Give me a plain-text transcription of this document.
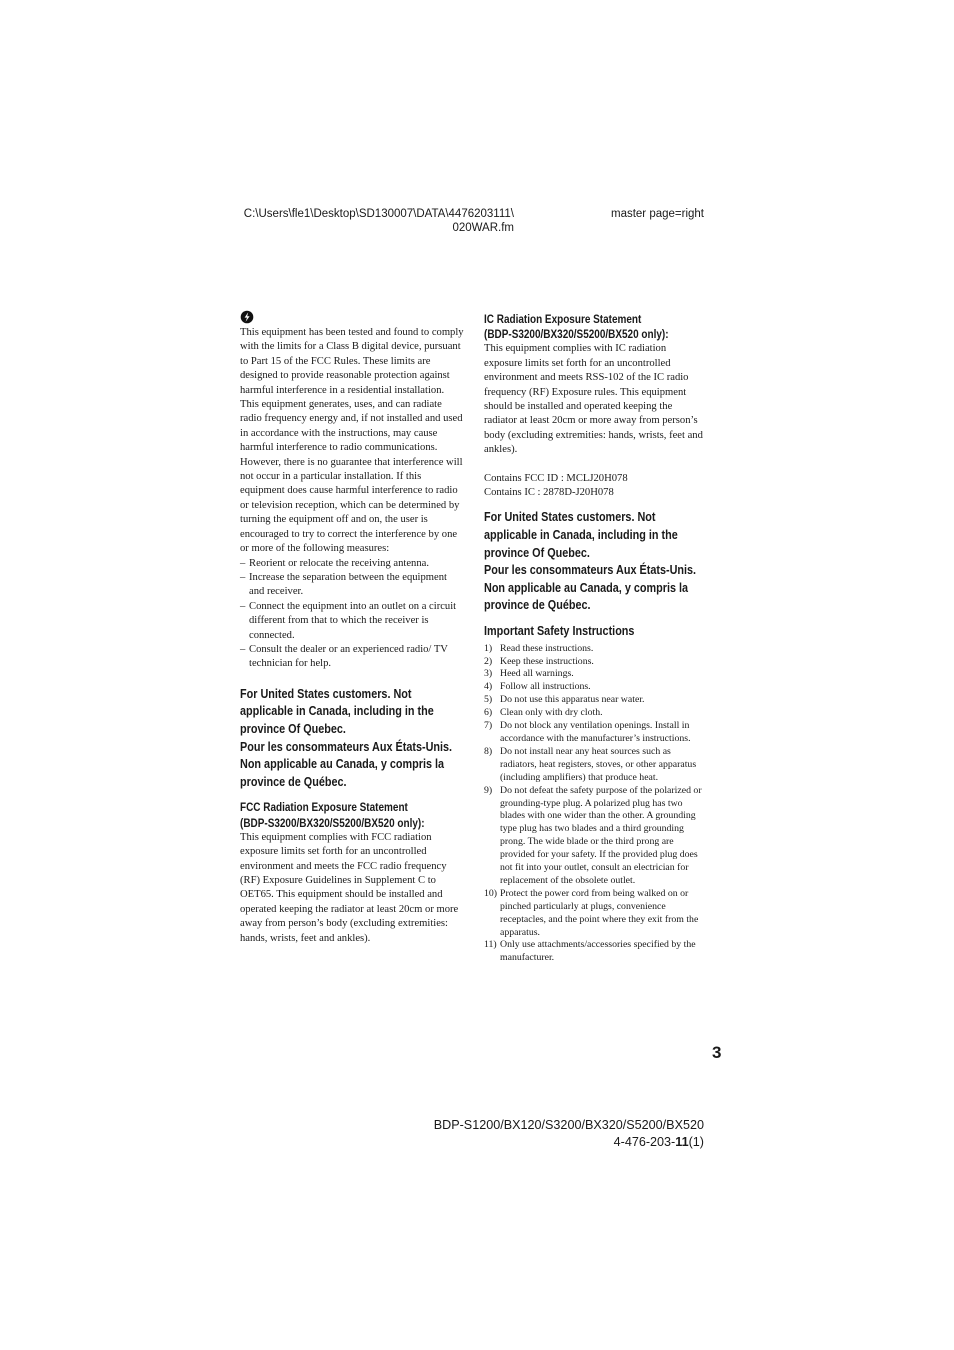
C:\Users\fle1\Desktop\SD130007\DATA\4476203111\
020WAR.fm
master page=right

This equipment has been tested and found to comply with the limits for a Class B digital device, pursuant to Part 15 of the FCC Rules. These limits are designed to provide reasonable protection against harmful interference in a residential installation. This equipment generates, uses, and can radiate radio frequency energy and, if not installed and used in accordance with the instructions, may cause harmful interference to radio communications. However, there is no guarantee that interference will not occur in a particular installation. If this equipment does cause harmful interference to radio or television reception, which can be determined by turning the equipment off and on, the user is encouraged to try to correct the interference by one or more of the following measures:

– Reorient or relocate the receiving antenna.
– Increase the separation between the equipment and receiver.
– Connect the equipment into an outlet on a circuit different from that to which the receiver is connected.
– Consult the dealer or an experienced radio/ TV technician for help.

For United States customers. Not applicable in Canada, including in the province Of Quebec.

Pour les consommateurs Aux États-Unis. Non applicable au Canada, y compris la province de Québec.

FCC Radiation Exposure Statement

(BDP-S3200/BX320/S5200/BX520 only):

This equipment complies with FCC radiation exposure limits set forth for an uncontrolled environment and meets the FCC radio frequency (RF) Exposure Guidelines in Supplement C to OET65. This equipment should be installed and operated keeping the radiator at least 20cm or more away from person’s body (excluding extremities: hands, wrists, feet and ankles).

IC Radiation Exposure Statement

(BDP-S3200/BX320/S5200/BX520 only):

This equipment complies with IC radiation exposure limits set forth for an uncontrolled environment and meets RSS-102 of the IC radio frequency (RF) Exposure rules. This equipment should be installed and operated keeping the radiator at least 20cm or more away from person’s body (excluding extremities: hands, wrists, feet and ankles).

Contains FCC ID : MCLJ20H078

Contains IC : 2878D-J20H078

For United States customers. Not applicable in Canada, including in the province Of Quebec.

Pour les consommateurs Aux États-Unis. Non applicable au Canada, y compris la province de Québec.

Important Safety Instructions

1) Read these instructions.
2) Keep these instructions.
3) Heed all warnings.
4) Follow all instructions.
5) Do not use this apparatus near water.
6) Clean only with dry cloth.
7) Do not block any ventilation openings. Install in accordance with the manufacturer’s instructions.
8) Do not install near any heat sources such as radiators, heat registers, stoves, or other apparatus (including amplifiers) that produce heat.
9) Do not defeat the safety purpose of the polarized or grounding-type plug. A polarized plug has two blades with one wider than the other. A grounding type plug has two blades and a third grounding prong. The wide blade or the third prong are provided for your safety. If the provided plug does not fit into your outlet, consult an electrician for replacement of the obsolete outlet.
10) Protect the power cord from being walked on or pinched particularly at plugs, convenience receptacles, and the point where they exit from the apparatus.
11) Only use attachments/accessories specified by the manufacturer.
3
BDP-S1200/BX120/S3200/BX320/S5200/BX520
4-476-203-11(1)
